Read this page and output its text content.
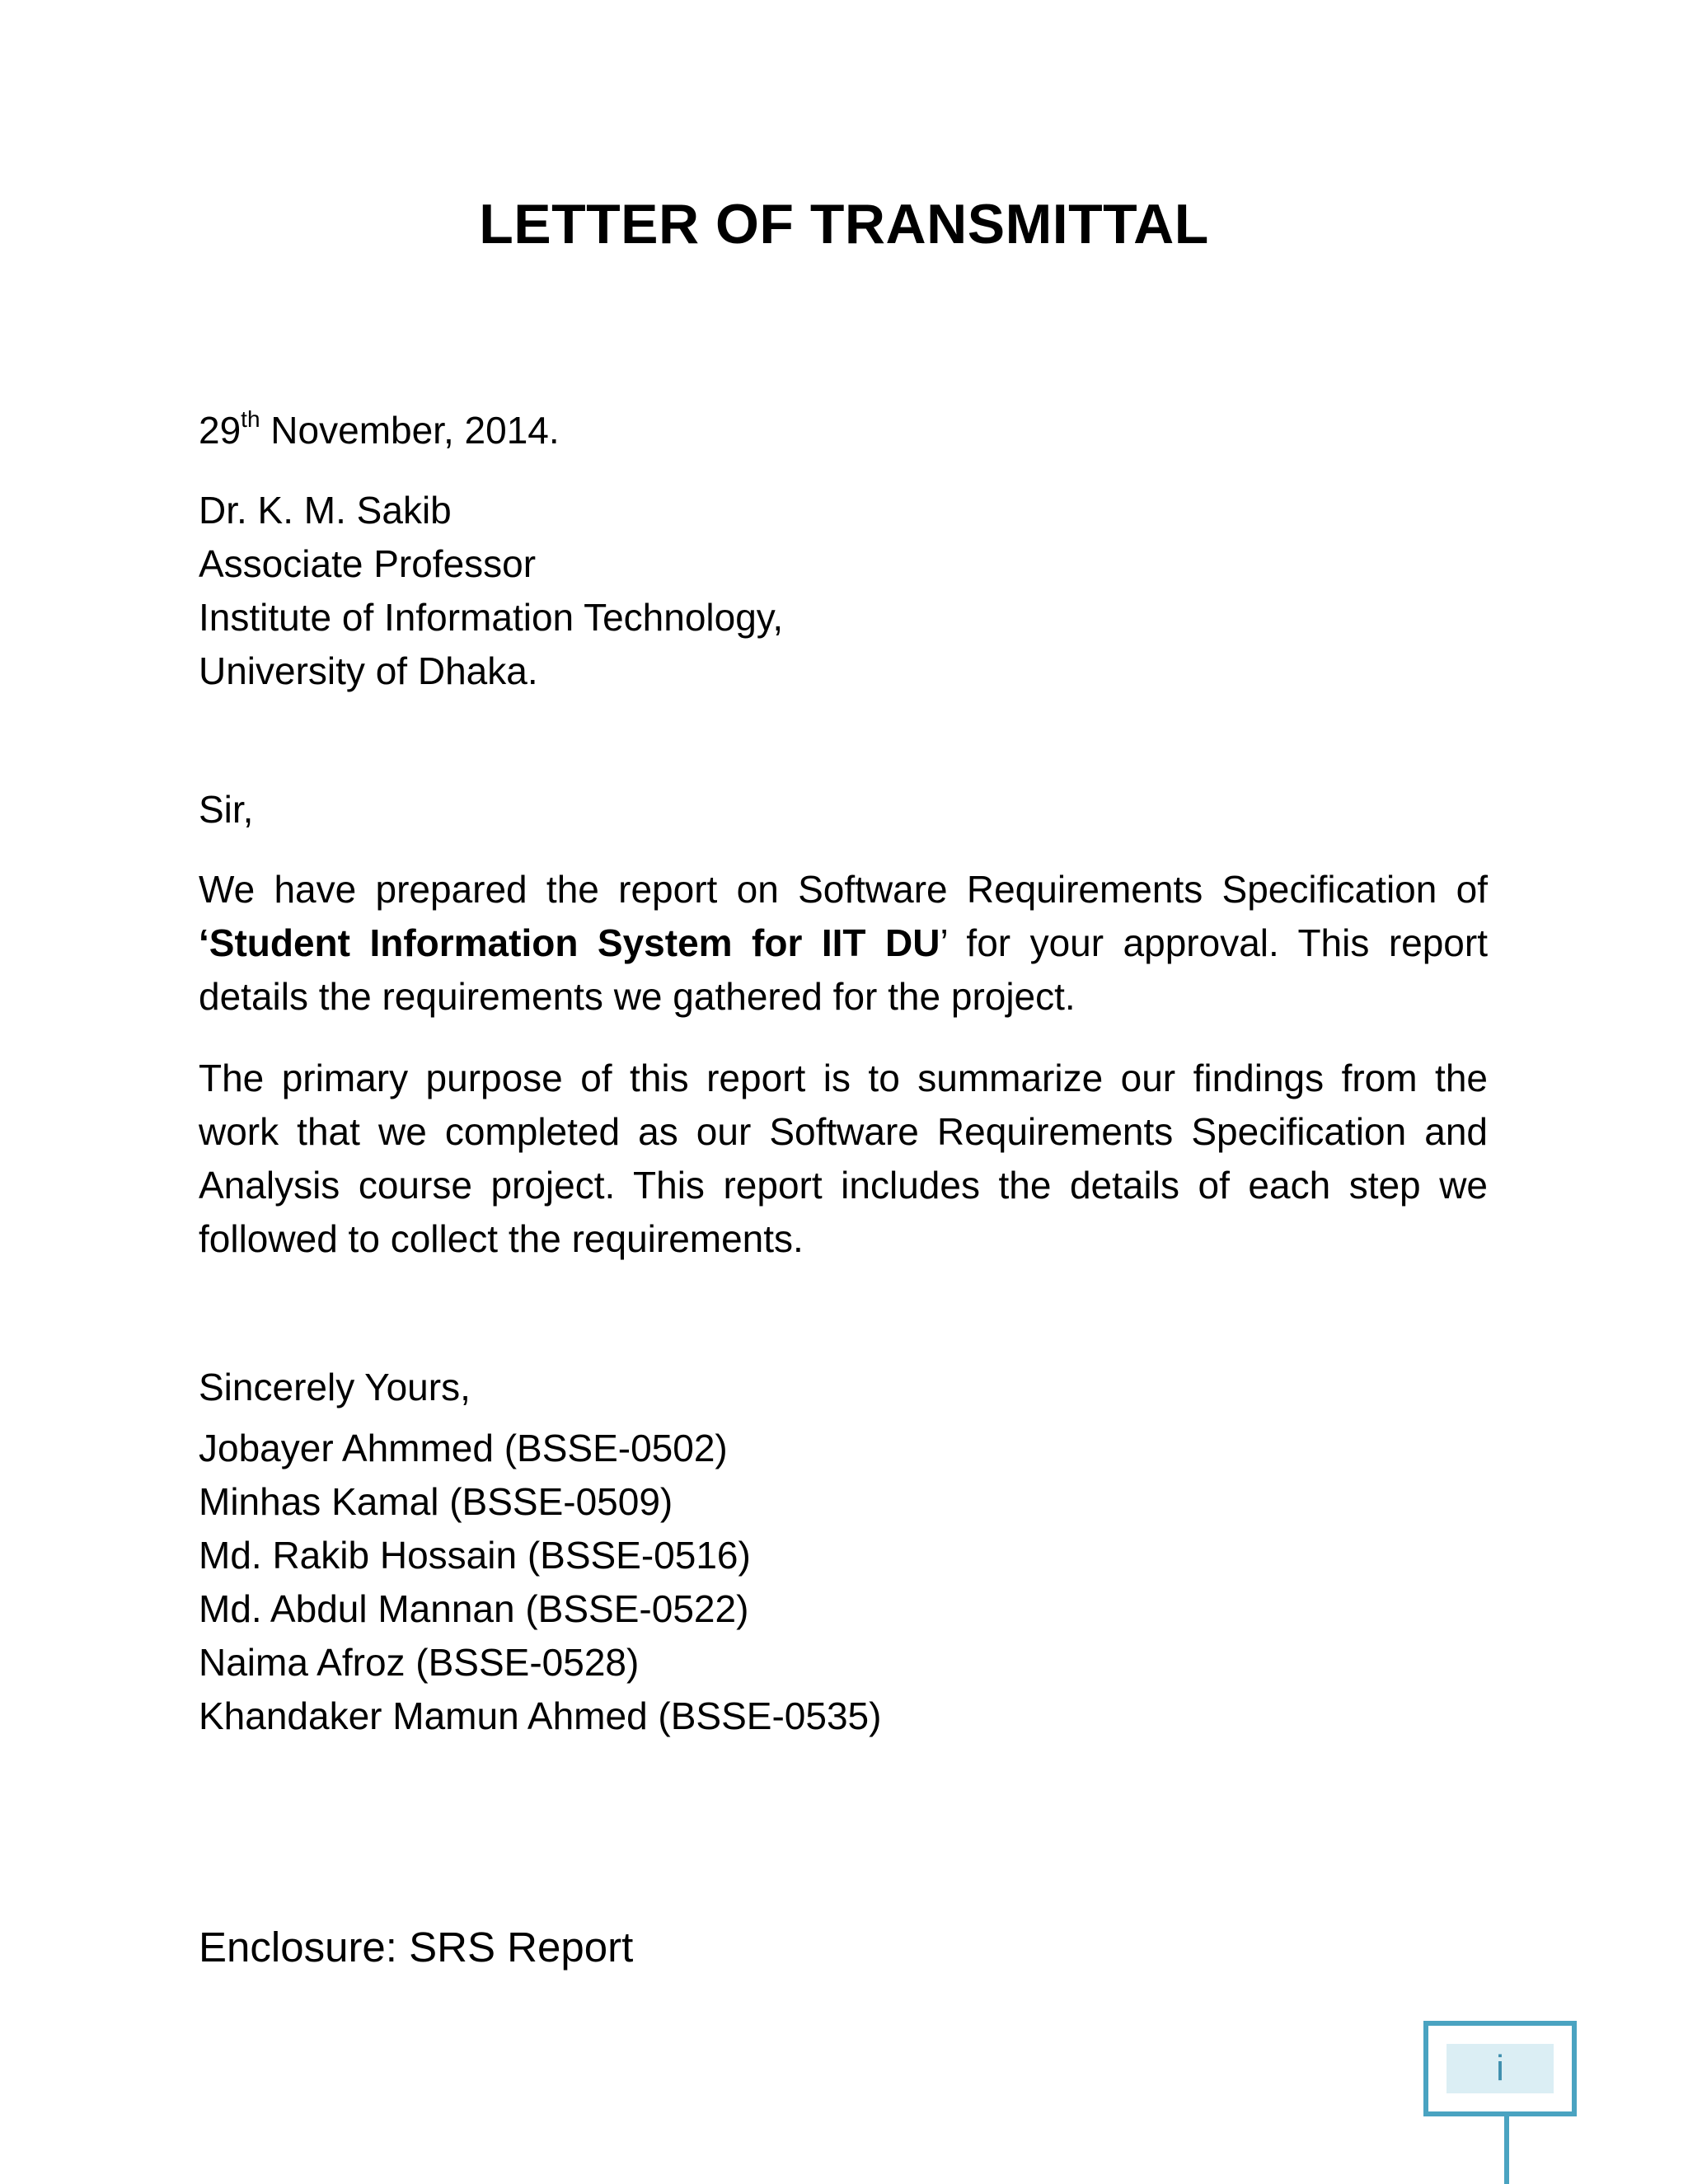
LETTER OF TRANSMITTAL
29th November, 2014.
Dr. K. M. Sakib
Associate Professor
Institute of Information Technology,
University of Dhaka.
Sir,
We have prepared the report on Software Requirements Specification of ‘Student Information System for IIT DU’ for your approval. This report details the requirements we gathered for the project.
The primary purpose of this report is to summarize our findings from the work that we completed as our Software Requirements Specification and Analysis course project. This report includes the details of each step we followed to collect the requirements.
Sincerely Yours,
Jobayer Ahmmed (BSSE-0502)
Minhas Kamal (BSSE-0509)
Md. Rakib Hossain (BSSE-0516)
Md. Abdul Mannan (BSSE-0522)
Naima Afroz (BSSE-0528)
Khandaker Mamun Ahmed (BSSE-0535)
Enclosure: SRS Report
i
